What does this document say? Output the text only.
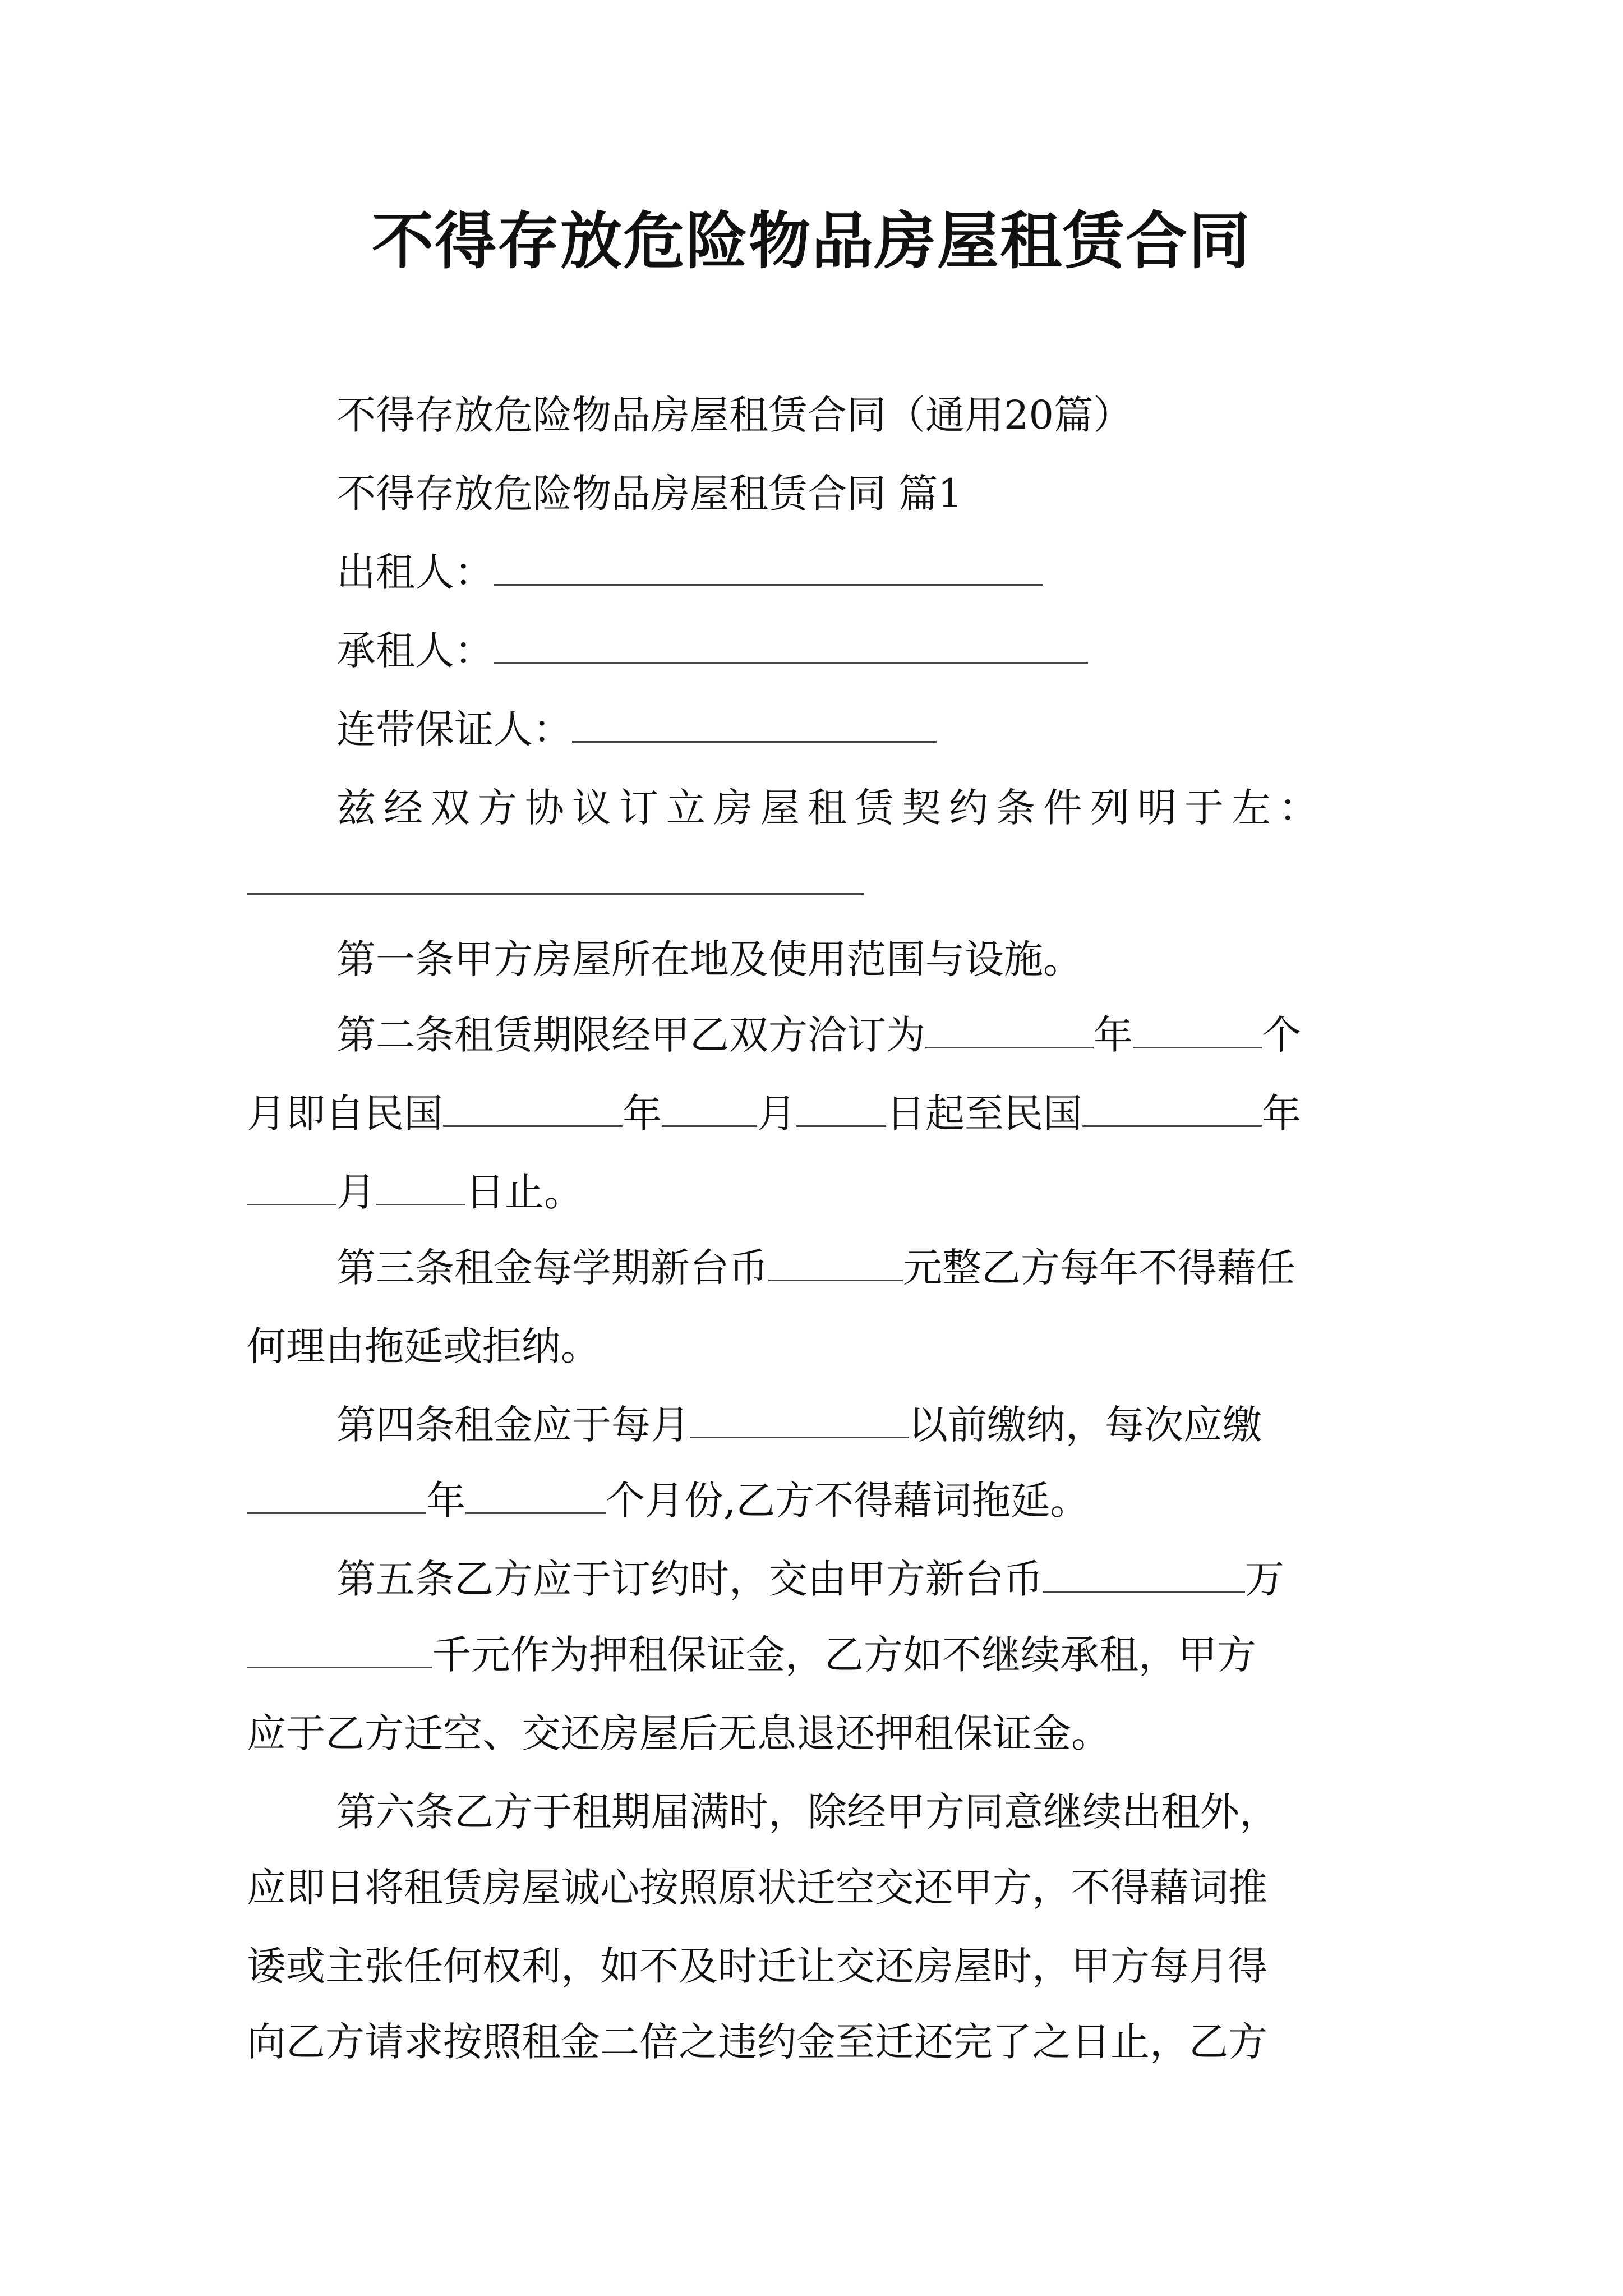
不得存放危险物品房屋租赁合同
不得存放危险物品房屋租赁合同（通用20篇）
不得存放危险物品房屋租赁合同 篇1
出租人：
承租人：
连带保证人：
兹经双方协议订立房屋租赁契约条件列明于左：
第一条甲方房屋所在地及使用范围与设施。
第二条租赁期限经甲乙双方洽订为	年	个
月即自民国	年 月 日起至民国	年
月 日止。
第三条租金每学期新台币	元整乙方每年不得藉任
何理由拖延或拒纳。
第四条租金应于每月	以前缴纳，每次应缴
年	个月份,乙方不得藉词拖延。
第五条乙方应于订约时，交由甲方新台币	万
千元作为押租保证金，乙方如不继续承租，甲方
应于乙方迁空、交还房屋后无息退还押租保证金。
第六条乙方于租期届满时，除经甲方同意继续出租外，
应即日将租赁房屋诚心按照原状迁空交还甲方，不得藉词推
诿或主张任何权利，如不及时迁让交还房屋时，甲方每月得
向乙方请求按照租金二倍之违约金至迁还完了之日止，乙方
